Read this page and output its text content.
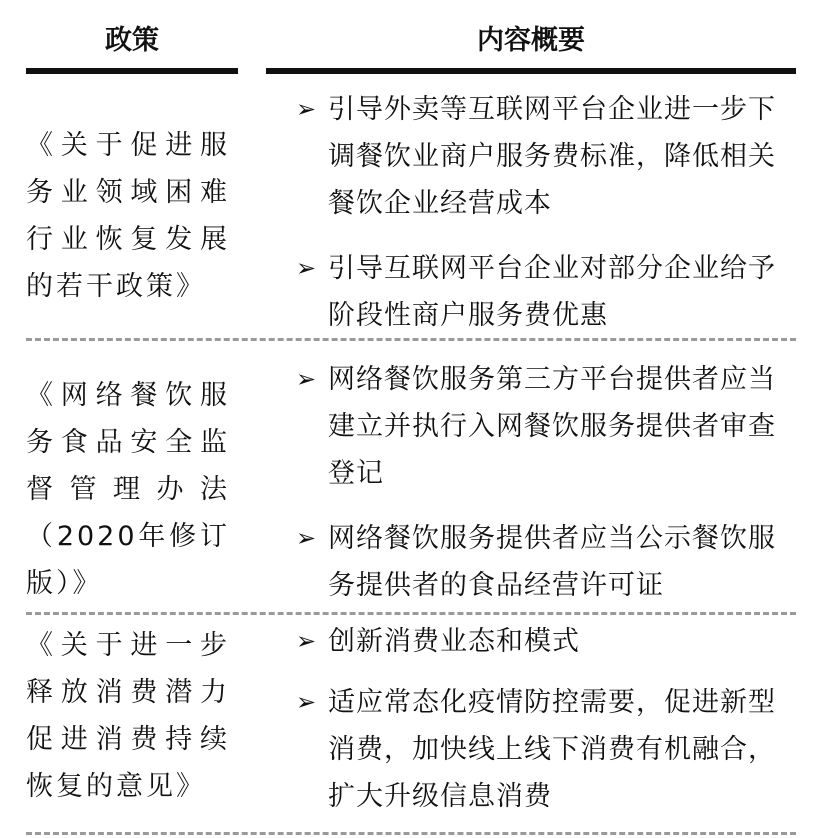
政策	内容概要
《关于促进服
务业领域困难
行业恢复发展
的若干政策》
➢ 引导外卖等互联网平台企业进一步下调餐饮业商户服务费标准，降低相关餐饮企业经营成本
➢ 引导互联网平台企业对部分企业给予阶段性商户服务费优惠
《网络餐饮服
务食品安全监
督管理办法
（2020年修订
版）》
➢ 网络餐饮服务第三方平台提供者应当建立并执行入网餐饮服务提供者审查登记
➢ 网络餐饮服务提供者应当公示餐饮服务提供者的食品经营许可证
《关于进一步
释放消费潜力
促进消费持续
恢复的意见》
➢ 创新消费业态和模式
➢ 适应常态化疫情防控需要，促进新型消费，加快线上线下消费有机融合，扩大升级信息消费
